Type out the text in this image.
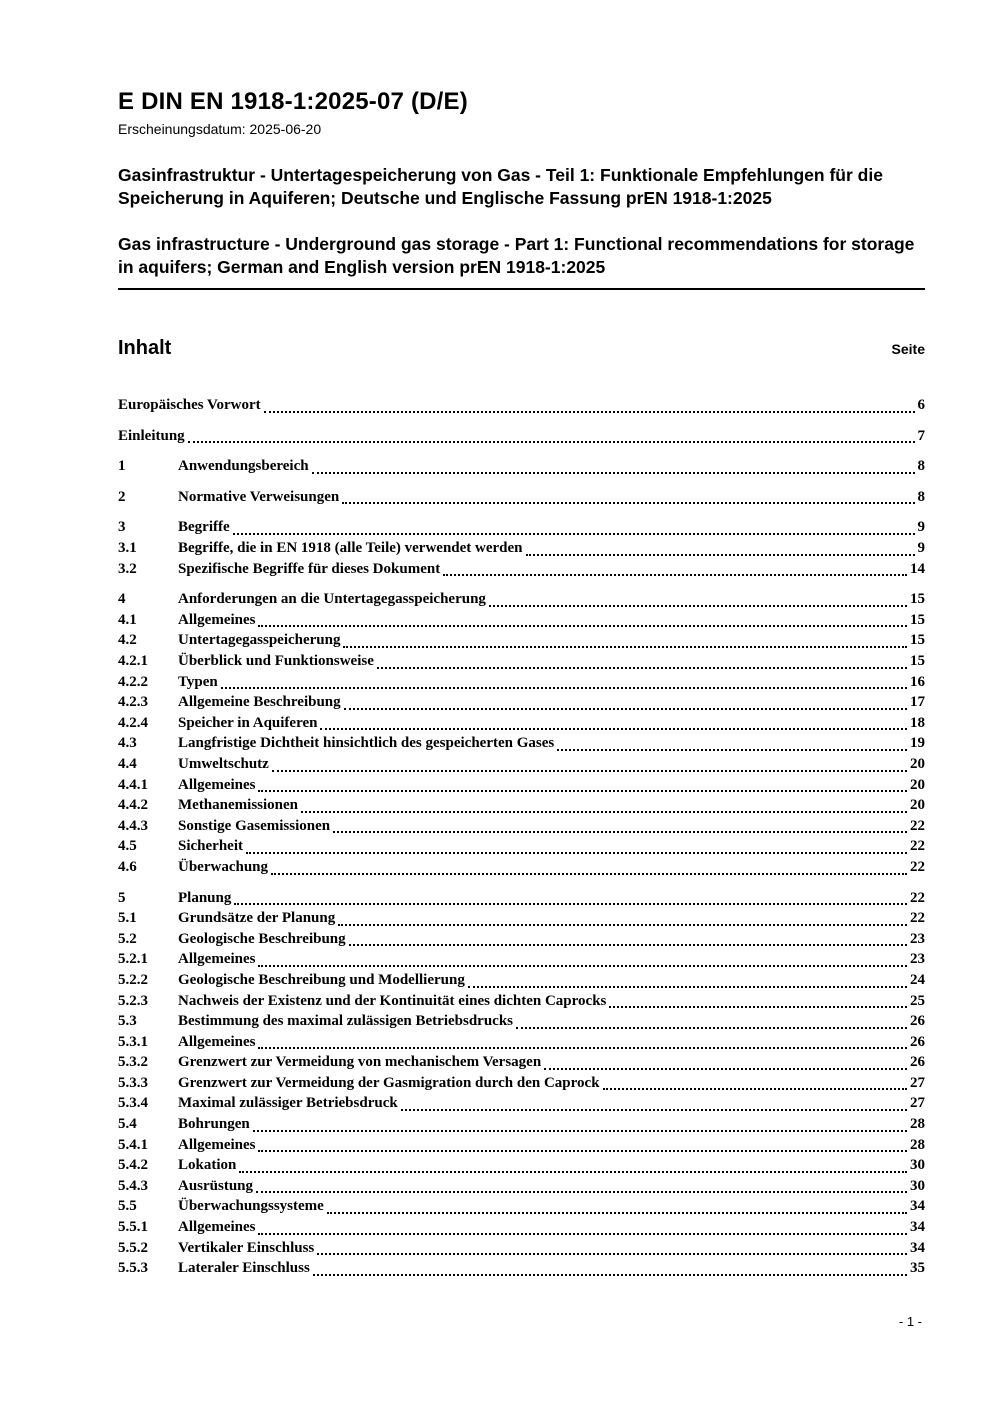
E DIN EN 1918-1:2025-07 (D/E)
Erscheinungsdatum: 2025-06-20

Gasinfrastruktur - Untertagespeicherung von Gas - Teil 1: Funktionale Empfehlungen für die Speicherung in Aquiferen; Deutsche und Englische Fassung prEN 1918-1:2025

Gas infrastructure - Underground gas storage - Part 1: Functional recommendations for storage in aquifers; German and English version prEN 1918-1:2025

Inhalt	Seite
Europäisches Vorwort	6
Einleitung	7
1	Anwendungsbereich	8
2	Normative Verweisungen	8
3	Begriffe	9
3.1	Begriffe, die in EN 1918 (alle Teile) verwendet werden	9
3.2	Spezifische Begriffe für dieses Dokument	14
4	Anforderungen an die Untertagegasspeicherung	15
4.1	Allgemeines	15
4.2	Untertagegasspeicherung	15
4.2.1	Überblick und Funktionsweise	15
4.2.2	Typen	16
4.2.3	Allgemeine Beschreibung	17
4.2.4	Speicher in Aquiferen	18
4.3	Langfristige Dichtheit hinsichtlich des gespeicherten Gases	19
4.4	Umweltschutz	20
4.4.1	Allgemeines	20
4.4.2	Methanemissionen	20
4.4.3	Sonstige Gasemissionen	22
4.5	Sicherheit	22
4.6	Überwachung	22
5	Planung	22
5.1	Grundsätze der Planung	22
5.2	Geologische Beschreibung	23
5.2.1	Allgemeines	23
5.2.2	Geologische Beschreibung und Modellierung	24
5.2.3	Nachweis der Existenz und der Kontinuität eines dichten Caprocks	25
5.3	Bestimmung des maximal zulässigen Betriebsdrucks	26
5.3.1	Allgemeines	26
5.3.2	Grenzwert zur Vermeidung von mechanischem Versagen	26
5.3.3	Grenzwert zur Vermeidung der Gasmigration durch den Caprock	27
5.3.4	Maximal zulässiger Betriebsdruck	27
5.4	Bohrungen	28
5.4.1	Allgemeines	28
5.4.2	Lokation	30
5.4.3	Ausrüstung	30
5.5	Überwachungssysteme	34
5.5.1	Allgemeines	34
5.5.2	Vertikaler Einschluss	34
5.5.3	Lateraler Einschluss	35
- 1 -
